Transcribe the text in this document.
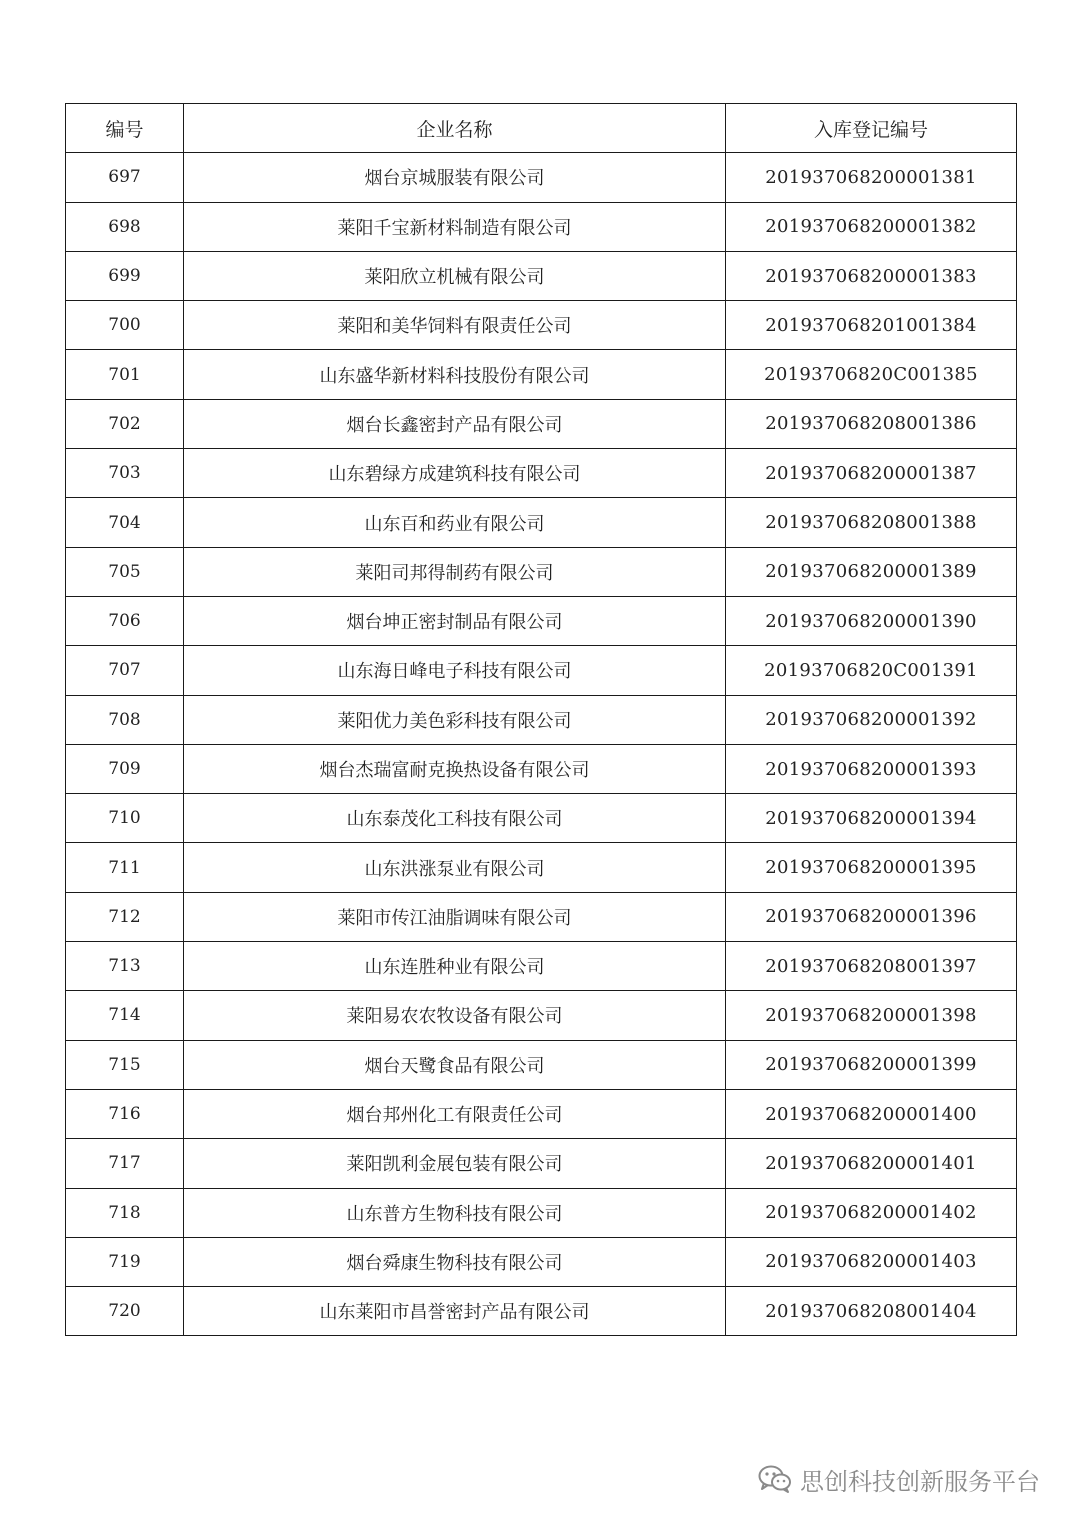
编号	企业名称	入库登记编号
697	烟台京城服装有限公司	201937068200001381
698	莱阳千宝新材料制造有限公司	201937068200001382
699	莱阳欣立机械有限公司	201937068200001383
700	莱阳和美华饲料有限责任公司	201937068201001384
701	山东盛华新材料科技股份有限公司	20193706820C001385
702	烟台长鑫密封产品有限公司	201937068208001386
703	山东碧绿方成建筑科技有限公司	201937068200001387
704	山东百和药业有限公司	201937068208001388
705	莱阳司邦得制药有限公司	201937068200001389
706	烟台坤正密封制品有限公司	201937068200001390
707	山东海日峰电子科技有限公司	20193706820C001391
708	莱阳优力美色彩科技有限公司	201937068200001392
709	烟台杰瑞富耐克换热设备有限公司	201937068200001393
710	山东泰茂化工科技有限公司	201937068200001394
711	山东洪涨泵业有限公司	201937068200001395
712	莱阳市传江油脂调味有限公司	201937068200001396
713	山东连胜种业有限公司	201937068208001397
714	莱阳易农农牧设备有限公司	201937068200001398
715	烟台天鹭食品有限公司	201937068200001399
716	烟台邦州化工有限责任公司	201937068200001400
717	莱阳凯利金展包装有限公司	201937068200001401
718	山东普方生物科技有限公司	201937068200001402
719	烟台舜康生物科技有限公司	201937068200001403
720	山东莱阳市昌誉密封产品有限公司	201937068208001404
思创科技创新服务平台
